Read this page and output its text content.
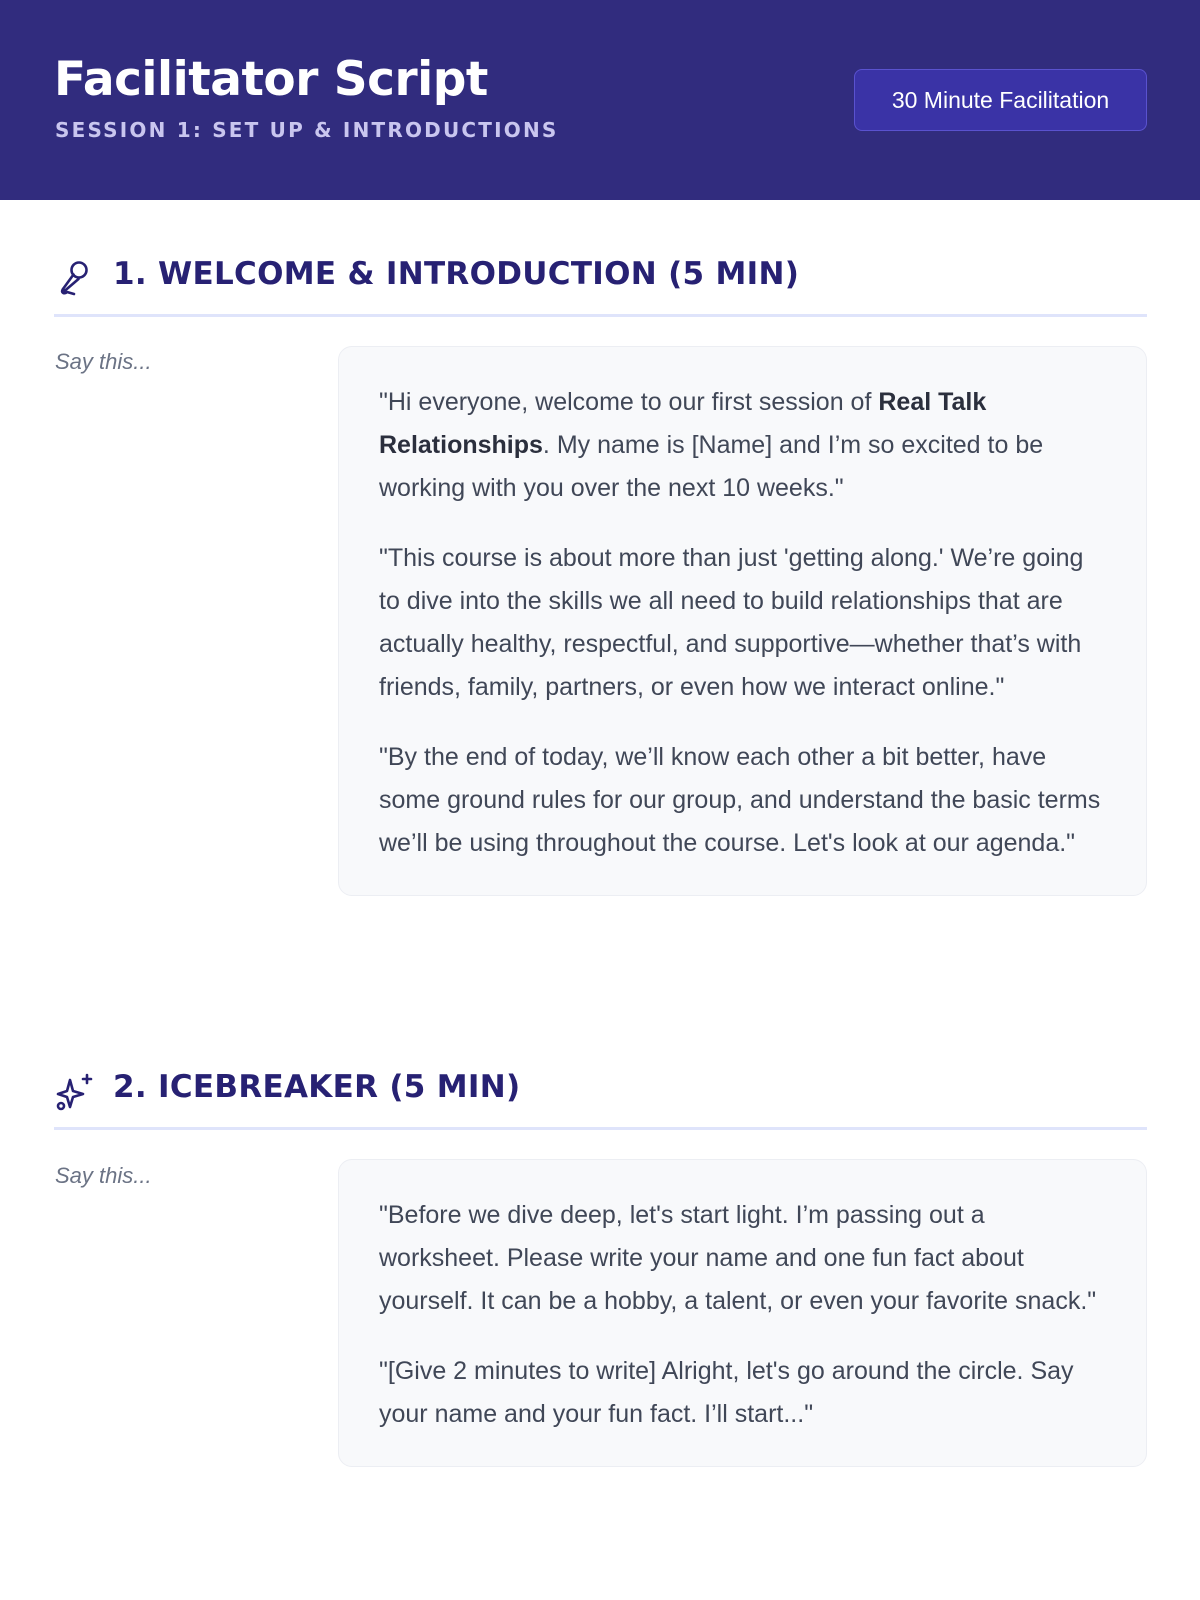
Facilitator Script
SESSION 1: SET UP & INTRODUCTIONS
30 Minute Facilitation
1. WELCOME & INTRODUCTION (5 MIN)
Say this...

"Hi everyone, welcome to our first session of Real Talk Relationships. My name is [Name] and I’m so excited to be working with you over the next 10 weeks."

"This course is about more than just 'getting along.' We’re going to dive into the skills we all need to build relationships that are actually healthy, respectful, and supportive—whether that’s with friends, family, partners, or even how we interact online."

"By the end of today, we’ll know each other a bit better, have some ground rules for our group, and understand the basic terms we’ll be using throughout the course. Let's look at our agenda."

2. ICEBREAKER (5 MIN)
Say this...

"Before we dive deep, let's start light. I’m passing out a worksheet. Please write your name and one fun fact about yourself. It can be a hobby, a talent, or even your favorite snack."

"[Give 2 minutes to write] Alright, let's go around the circle. Say your name and your fun fact. I’ll start..."
